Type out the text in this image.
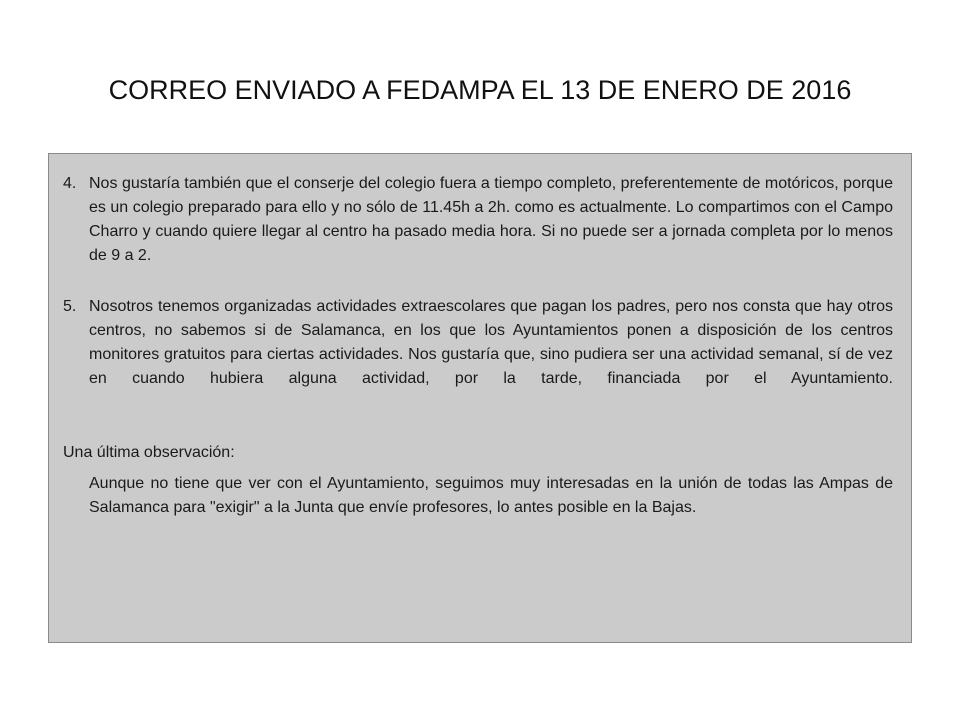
CORREO ENVIADO A FEDAMPA EL 13 DE ENERO DE 2016
4. Nos gustaría también que el conserje del colegio fuera a tiempo completo, preferentemente de motóricos, porque es un colegio preparado para ello y no sólo de 11.45h a 2h. como es actualmente. Lo compartimos con el Campo Charro y cuando quiere llegar al centro ha pasado media hora. Si no puede ser a jornada completa por lo menos de 9 a 2.
5. Nosotros tenemos organizadas actividades extraescolares que pagan los padres, pero nos consta que hay otros centros, no sabemos si de Salamanca, en los que los Ayuntamientos ponen a disposición de los centros monitores gratuitos para ciertas actividades. Nos gustaría que, sino pudiera ser una actividad semanal, sí de vez en cuando hubiera alguna actividad, por la tarde, financiada por el Ayuntamiento.
Una última observación:
Aunque no tiene que ver con el Ayuntamiento, seguimos muy interesadas en la unión de todas las Ampas de Salamanca para "exigir" a la Junta que envíe profesores, lo antes posible en la Bajas.
